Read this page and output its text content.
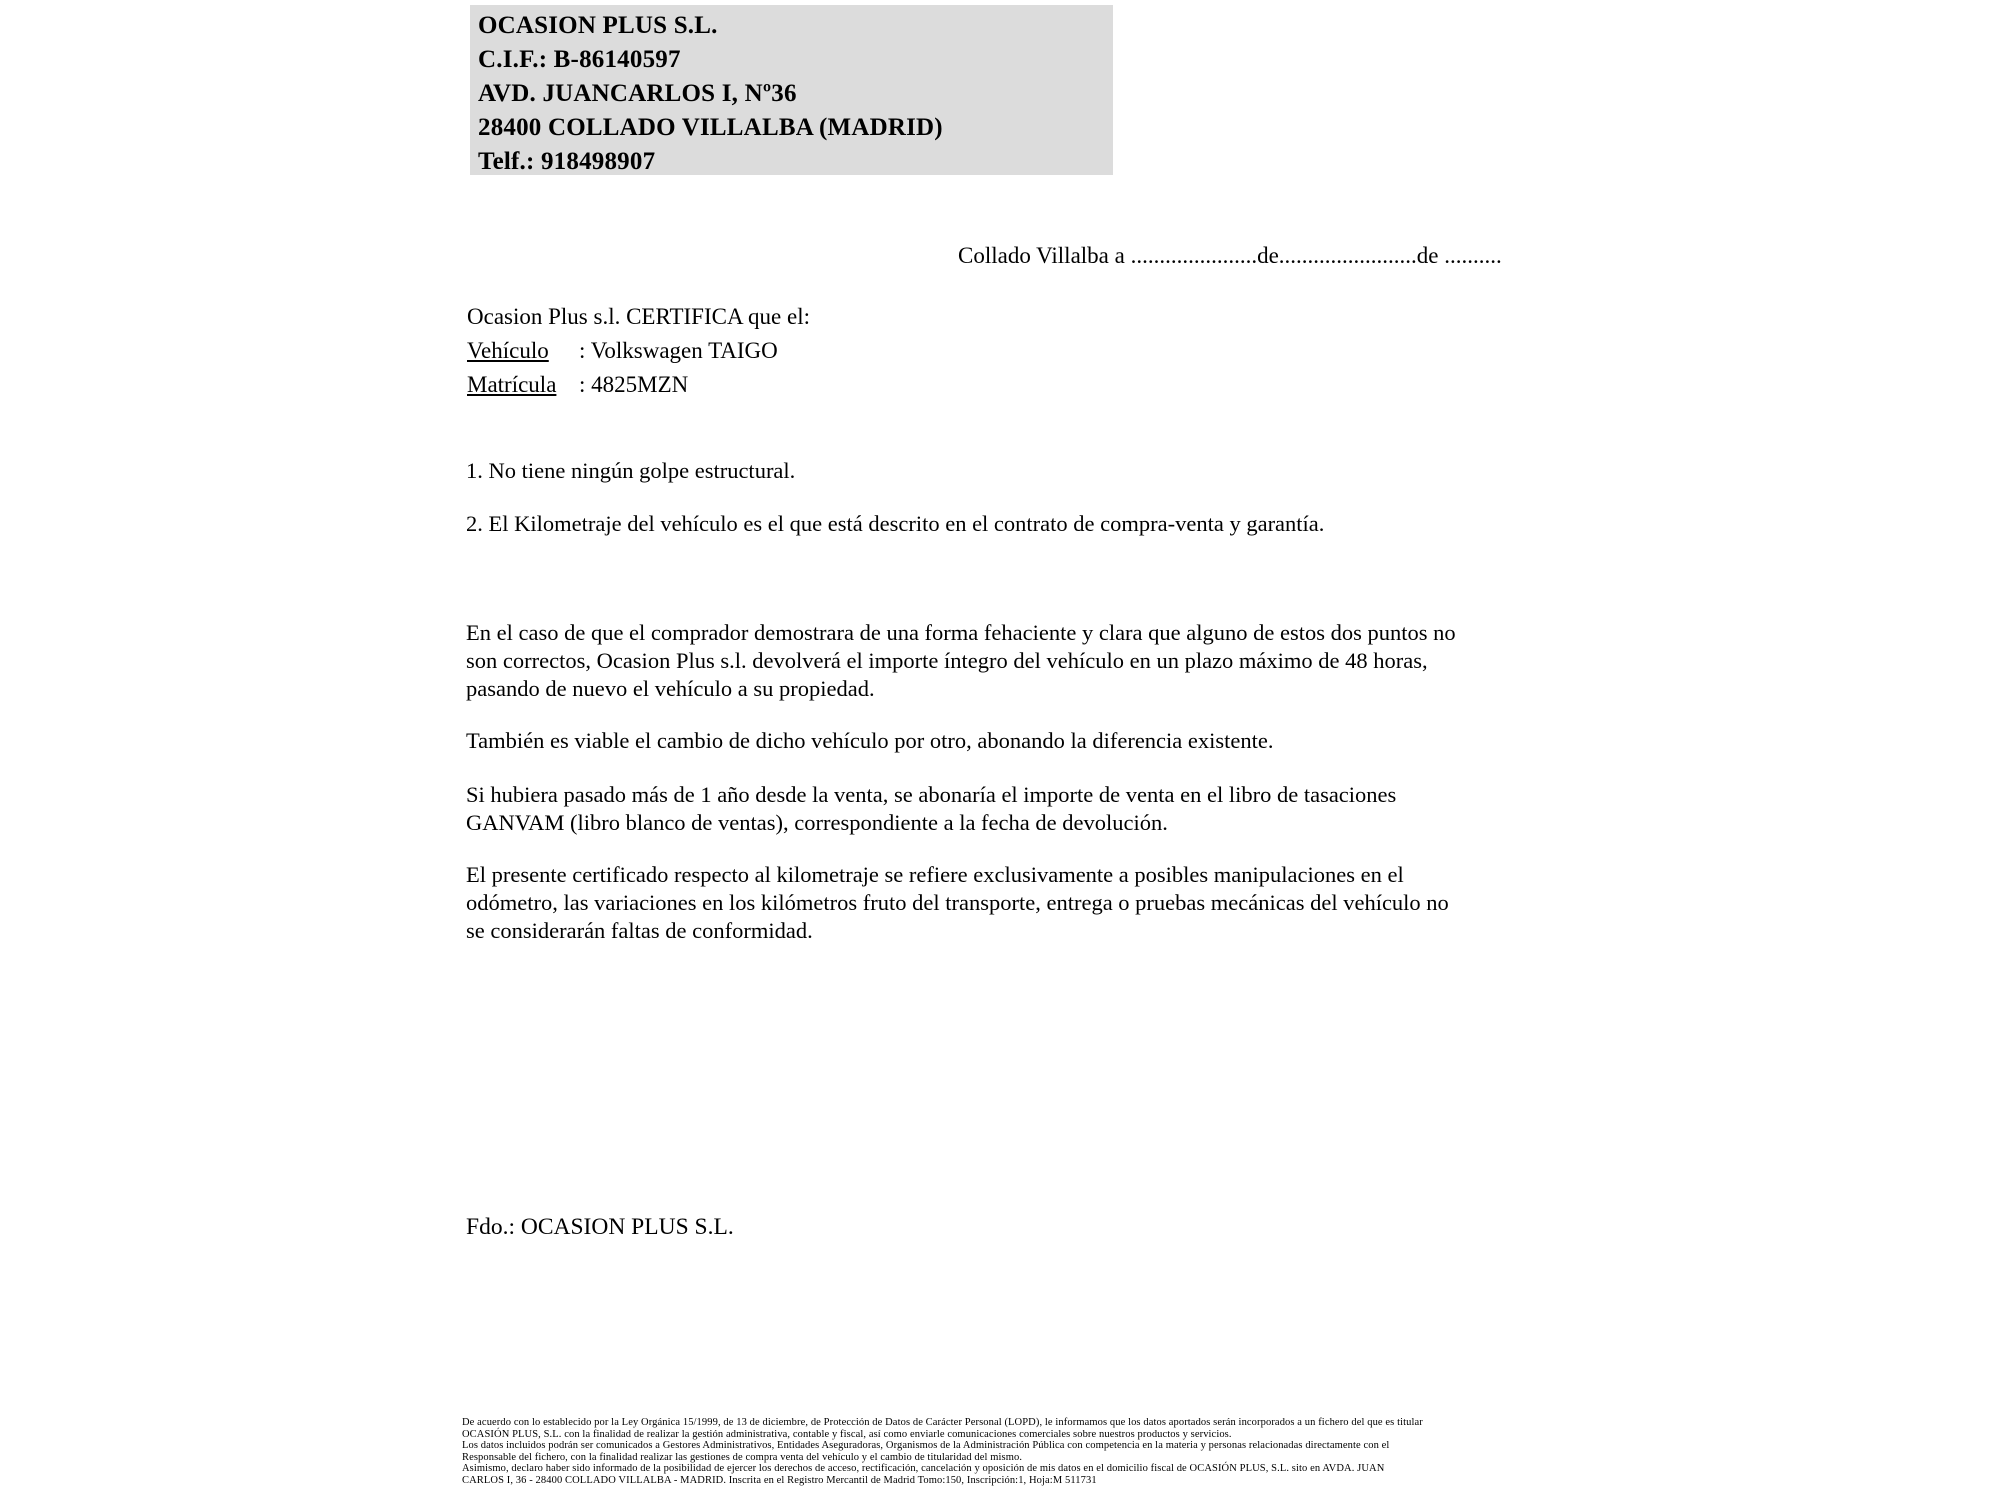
OCASION PLUS S.L.
C.I.F.: B-86140597
AVD. JUANCARLOS I, Nº36
28400 COLLADO VILLALBA (MADRID)
Telf.: 918498907
Collado Villalba a ......................de........................de ..........
Ocasion Plus s.l. CERTIFICA que el:
Vehículo : Volkswagen TAIGO
Matrícula : 4825MZN
1. No tiene ningún golpe estructural.
2. El Kilometraje del vehículo es el que está descrito en el contrato de compra-venta y garantía.
En el caso de que el comprador demostrara de una forma fehaciente y clara que alguno de estos dos puntos no
son correctos, Ocasion Plus s.l. devolverá el importe íntegro del vehículo en un plazo máximo de 48 horas,
pasando de nuevo el vehículo a su propiedad.
También es viable el cambio de dicho vehículo por otro, abonando la diferencia existente.
Si hubiera pasado más de 1 año desde la venta, se abonaría el importe de venta en el libro de tasaciones
GANVAM (libro blanco de ventas), correspondiente a la fecha de devolución.
El presente certificado respecto al kilometraje se refiere exclusivamente a posibles manipulaciones en el
odómetro, las variaciones en los kilómetros fruto del transporte, entrega o pruebas mecánicas del vehículo no
se considerarán faltas de conformidad.
Fdo.: OCASION PLUS S.L.
De acuerdo con lo establecido por la Ley Orgánica 15/1999, de 13 de diciembre, de Protección de Datos de Carácter Personal (LOPD), le informamos que los datos aportados serán incorporados a un fichero del que es titular
OCASIÓN PLUS, S.L. con la finalidad de realizar la gestión administrativa, contable y fiscal, así como enviarle comunicaciones comerciales sobre nuestros productos y servicios.
Los datos incluidos podrán ser comunicados a Gestores Administrativos, Entidades Aseguradoras, Organismos de la Administración Pública con competencia en la materia y personas relacionadas directamente con el
Responsable del fichero, con la finalidad realizar las gestiones de compra venta del vehículo y el cambio de titularidad del mismo.
Asimismo, declaro haber sido informado de la posibilidad de ejercer los derechos de acceso, rectificación, cancelación y oposición de mis datos en el domicilio fiscal de OCASIÓN PLUS, S.L. sito en AVDA. JUAN
CARLOS I, 36 - 28400 COLLADO VILLALBA - MADRID. Inscrita en el Registro Mercantil de Madrid Tomo:150, Inscripción:1, Hoja:M 511731
